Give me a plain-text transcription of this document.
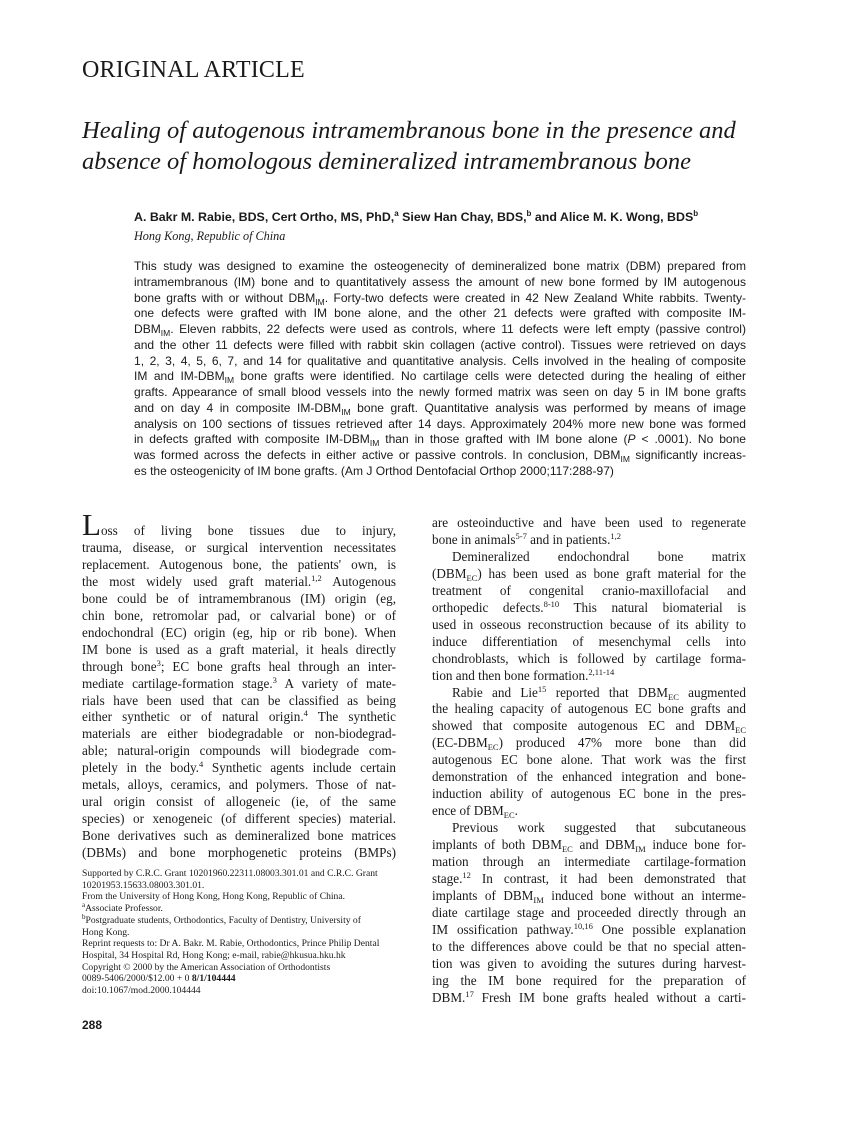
ORIGINAL ARTICLE
Healing of autogenous intramembranous bone in the presence and
absence of homologous demineralized intramembranous bone
A. Bakr M. Rabie, BDS, Cert Ortho, MS, PhD,$^a$ Siew Han Chay, BDS,$^b$ and Alice M. K. Wong, BDS$^b$
Hong Kong, Republic of China
This study was designed to examine the osteogenecity of demineralized bone matrix (DBM) prepared from
intramembranous (IM) bone and to quantitatively assess the amount of new bone formed by IM autogenous
bone grafts with or without $DBM_{IM}$. Forty-two defects were created in 42 New Zealand White rabbits. Twenty-
one defects were grafted with IM bone alone, and the other 21 defects were grafted with composite IM-
$DBM_{IM}$. Eleven rabbits, 22 defects were used as controls, where 11 defects were left empty (passive control)
and the other 11 defects were filled with rabbit skin collagen (active control). Tissues were retrieved on days
1, 2, 3, 4, 5, 6, 7, and 14 for qualitative and quantitative analysis. Cells involved in the healing of composite
IM and $IM-DBM_{IM}$ bone grafts were identified. No cartilage cells were detected during the healing of either
grafts. Appearance of small blood vessels into the newly formed matrix was seen on day 5 in IM bone grafts
and on day 4 in composite $IM-DBM_{IM}$ bone graft. Quantitative analysis was performed by means of image
analysis on 100 sections of tissues retrieved after 14 days. Approximately 204% more new bone was formed
in defects grafted with composite $IM-DBM_{IM}$ than in those grafted with IM bone alone (P < .0001). No bone
was formed across the defects in either active or passive controls. In conclusion, $DBM_{IM}$ significantly increas-
es the osteogenicity of IM bone grafts. (Am J Orthod Dentofacial Orthop 2000;117:288-97)
Loss of living bone tissues due to injury,
trauma, disease, or surgical intervention necessitates
replacement. Autogenous bone, the patients' own, is
the most widely used graft material.$^{1,2}$ Autogenous
bone could be of intramembranous (IM) origin (eg,
chin bone, retromolar pad, or calvarial bone) or of
endochondral (EC) origin (eg, hip or rib bone). When
IM bone is used as a graft material, it heals directly
through bone$^3$; EC bone grafts heal through an inter-
mediate cartilage-formation stage.$^3$ A variety of mate-
rials have been used that can be classified as being
either synthetic or of natural origin.$^4$ The synthetic
materials are either biodegradable or non-biodegrad-
able; natural-origin compounds will biodegrade com-
pletely in the body.$^4$ Synthetic agents include certain
metals, alloys, ceramics, and polymers. Those of nat-
ural origin consist of allogeneic (ie, of the same
species) or xenogeneic (of different species) material.
Bone derivatives such as demineralized bone matrices
(DBMs) and bone morphogenetic proteins (BMPs)
Supported by C.R.C. Grant 10201960.22311.08003.301.01 and C.R.C. Grant
10201953.15633.08003.301.01.
From the University of Hong Kong, Hong Kong, Republic of China.
$^a$Associate Professor.
$^b$Postgraduate students, Orthodontics, Faculty of Dentistry, University of
Hong Kong.
Reprint requests to: Dr A. Bakr. M. Rabie, Orthodontics, Prince Philip Dental
Hospital, 34 Hospital Rd, Hong Kong; e-mail, rabie@hkusua.hku.hk
Copyright © 2000 by the American Association of Orthodontists
0089-5406/2000/$12.00 + 0 8/1/104444
doi:10.1067/mod.2000.104444
are osteoinductive and have been used to regenerate
bone in animals$^{5-7}$ and in patients.$^{1,2}$
Demineralized endochondral bone matrix
$(DBM_{EC})$ has been used as bone graft material for the
treatment of congenital cranio-maxillofacial and
orthopedic defects.$^{8-10}$ This natural biomaterial is
used in osseous reconstruction because of its ability to
induce differentiation of mesenchymal cells into
chondroblasts, which is followed by cartilage forma-
tion and then bone formation.$^{2,11-14}$
Rabie and Lie$^{15}$ reported that $DBM_{EC}$ augmented
the healing capacity of autogenous EC bone grafts and
showed that composite autogenous EC and $DBM_{EC}$
$(EC-DBM_{EC})$ produced 47% more bone than did
autogenous EC bone alone. That work was the first
demonstration of the enhanced integration and bone-
induction ability of autogenous EC bone in the pres-
ence of $DBM_{EC}$.
Previous work suggested that subcutaneous
implants of both $DBM_{EC}$ and $DBM_{IM}$ induce bone for-
mation through an intermediate cartilage-formation
stage.$^{12}$ In contrast, it had been demonstrated that
implants of $DBM_{IM}$ induced bone without an interme-
diate cartilage stage and proceeded directly through an
IM ossification pathway.$^{10,16}$ One possible explanation
to the differences above could be that no special atten-
tion was given to avoiding the sutures during harvest-
ing the IM bone required for the preparation of
DBM.$^{17}$ Fresh IM bone grafts healed without a carti-
288
